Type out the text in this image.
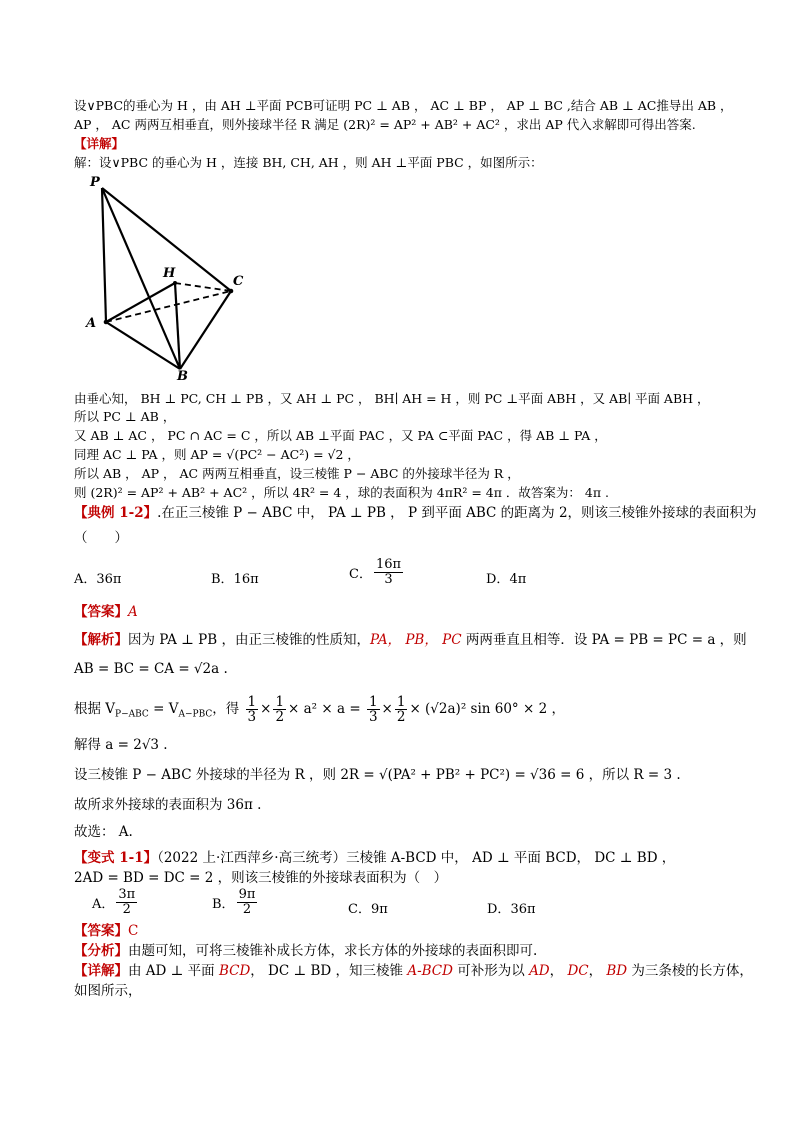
设∨PBC的垂心为 H ，由 AH ⊥平面 PCB可证明 PC ⊥ AB ， AC ⊥ BP ， AP ⊥ BC ,结合 AB ⊥ AC推导出 AB ，
AP ， AC 两两互相垂直，则外接球半径 R 满足 (2R)² = AP² + AB² + AC² ，求出 AP 代入求解即可得出答案.
【详解】
解：设∨PBC 的垂心为 H ，连接 BH, CH, AH ，则 AH ⊥平面 PBC ，如图所示：
P
H
C
A
B
由垂心知， BH ⊥ PC, CH ⊥ PB ，又 AH ⊥ PC ， BH∣ AH = H ，则 PC ⊥平面 ABH ，又 AB∣ 平面 ABH ，
所以 PC ⊥ AB ，
又 AB ⊥ AC ， PC ∩ AC = C ，所以 AB ⊥平面 PAC ，又 PA ⊂平面 PAC ，得 AB ⊥ PA ，
同理 AC ⊥ PA ，则 AP = √(PC² − AC²) = √2 ，
所以 AB ， AP ， AC 两两互相垂直，设三棱锥 P − ABC 的外接球半径为 R ，
则 (2R)² = AP² + AB² + AC² ，所以 4R² = 4 ，球的表面积为 4πR² = 4π ．故答案为： 4π .
【典例 1-2】.在正三棱锥 P − ABC 中， PA ⊥ PB ， P 到平面 ABC 的距离为 2，则该三棱锥外接球的表面积为
（　　）
A．36π	B．16π	C． $\frac{16\pi}{3}$	D．4π
【答案】A
【解析】因为 PA ⊥ PB ，由正三棱锥的性质知，PA， PB， PC 两两垂直且相等．设 PA = PB = PC = a ，则
AB = BC = CA = √2a .
根据 $V_{P-ABC} = V_{A-PBC}$，得 $\frac{1}{3} \times \frac{1}{2} \times a^2 \times a = \frac{1}{3} \times \frac{1}{2} \times (√2a)^2$ sin 60° × 2 ，
解得 a = 2√3 .
设三棱锥 P − ABC 外接球的半径为 R ，则 2R = √(PA² + PB² + PC²) = √36 = 6 ，所以 R = 3 .
故所求外接球的表面积为 36π .
故选： A.
【变式 1-1】（2022 上·江西萍乡·高三统考）三棱锥 A-BCD 中， AD ⊥ 平面 BCD， DC ⊥ BD ，
2AD = BD = DC = 2 ，则该三棱锥的外接球表面积为（　）
A． $\frac{3\pi}{2}$	B． $\frac{9\pi}{2}$	C．9π	D．36π
【答案】C
【分析】由题可知，可将三棱锥补成长方体，求长方体的外接球的表面积即可.
【详解】由 AD ⊥ 平面 BCD， DC ⊥ BD ，知三棱锥 A-BCD 可补形为以 AD， DC， BD 为三条棱的长方体，
如图所示，
